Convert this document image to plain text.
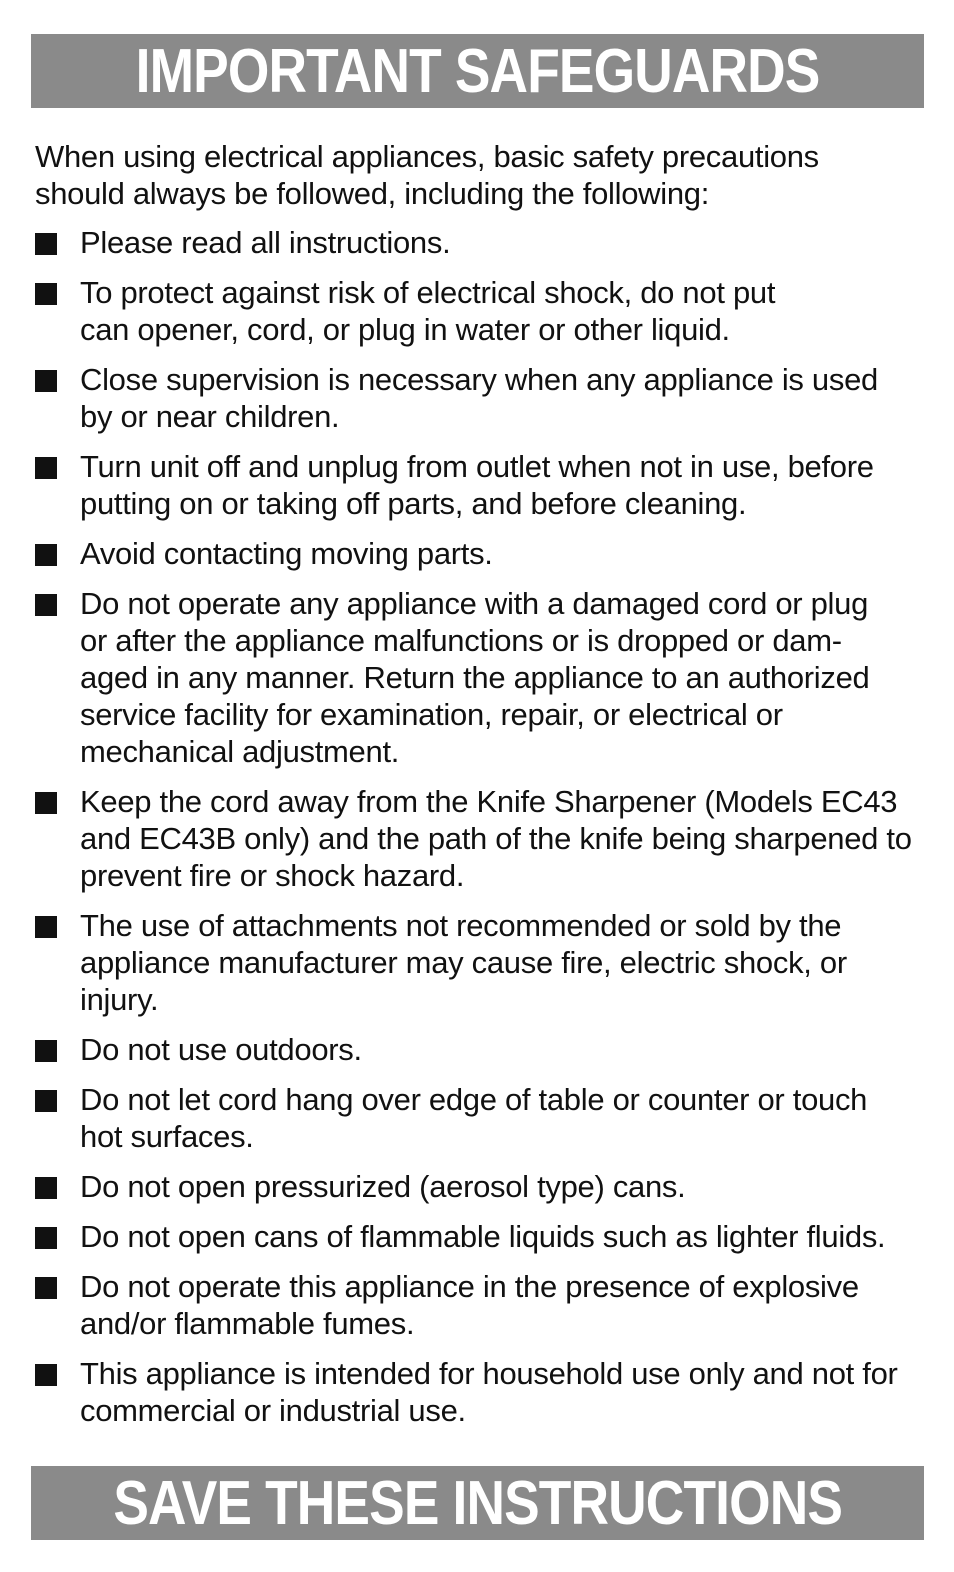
IMPORTANT SAFEGUARDS

When using electrical appliances, basic safety precautions
should always be followed, including the following:

Please read all instructions.
To protect against risk of electrical shock, do not put
can opener, cord, or plug in water or other liquid.
Close supervision is necessary when any appliance is used
by or near children.
Turn unit off and unplug from outlet when not in use, before
putting on or taking off parts, and before cleaning.
Avoid contacting moving parts.
Do not operate any appliance with a damaged cord or plug
or after the appliance malfunctions or is dropped or dam-
aged in any manner. Return the appliance to an authorized
service facility for examination, repair, or electrical or
mechanical adjustment.
Keep the cord away from the Knife Sharpener (Models EC43
and EC43B only) and the path of the knife being sharpened to
prevent fire or shock hazard.
The use of attachments not recommended or sold by the
appliance manufacturer may cause fire, electric shock, or
injury.
Do not use outdoors.
Do not let cord hang over edge of table or counter or touch
hot surfaces.
Do not open pressurized (aerosol type) cans.
Do not open cans of flammable liquids such as lighter fluids.
Do not operate this appliance in the presence of explosive
and/or flammable fumes.
This appliance is intended for household use only and not for
commercial or industrial use.
SAVE THESE INSTRUCTIONS
